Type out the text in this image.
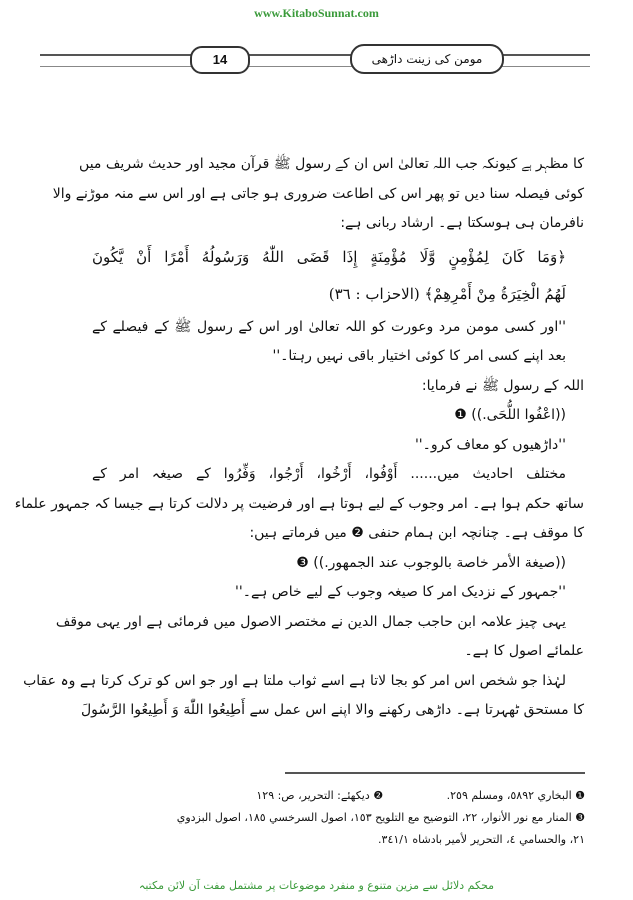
www.KitaboSunnat.com
14	مومن کی زینت داڑھی
کا مظہر ہے کیونکہ جب اللہ تعالیٰ اس ان کے رسول ﷺ قرآن مجید اور حدیث شریف میں
کوئی فیصلہ سنا دیں تو پھر اس کی اطاعت ضروری ہو جاتی ہے اور اس سے منہ موڑنے والا
نافرمان ہی ہوسکتا ہے۔ ارشاد ربانی ہے:
﴿وَمَا كَانَ لِمُؤْمِنٍ وَّلَا مُؤْمِنَةٍ إِذَا قَضَى اللّٰهُ وَرَسُولُهُ أَمْرًا أَنْ يَّكُونَ
لَهُمُ الْخِيَرَةُ مِنْ أَمْرِهِمْ﴾ (الاحزاب : ٣٦)
''اور کسی مومن مرد وعورت کو اللہ تعالیٰ اور اس کے رسول ﷺ کے فیصلے کے
بعد اپنے کسی امر کا کوئی اختیار باقی نہیں رہتا۔''
اللہ کے رسول ﷺ نے فرمایا:
((اعْفُوا اللُّحَى.)) ❶
''داڑھیوں کو معاف کرو۔''
مختلف احادیث میں...... أَوْفُوا، أَرْخُوا، أَرْجُوا، وَفِّرُوا کے صیغہ امر کے
ساتھ حکم ہوا ہے۔ امر وجوب کے لیے ہوتا ہے اور فرضیت پر دلالت کرتا ہے جیسا کہ جمہور علماء
کا موقف ہے۔ چنانچہ ابن ہمام حنفی ❷ میں فرماتے ہیں:
((صيغة الأمر خاصة بالوجوب عند الجمهور.)) ❸
''جمہور کے نزدیک امر کا صیغہ وجوب کے لیے خاص ہے۔''
یہی چیز علامہ ابن حاجب جمال الدین نے مختصر الاصول میں فرمائی ہے اور یہی موقف
علمائے اصول کا ہے۔
لہٰذا جو شخص اس امر کو بجا لاتا ہے اسے ثواب ملتا ہے اور جو اس کو ترک کرتا ہے وہ عقاب
کا مستحق ٹھہرتا ہے۔ داڑھی رکھنے والا اپنے اس عمل سے أَطِيعُوا اللّٰهَ وَ أَطِيعُوا الرَّسُولَ
❶ البخاري ٥٨٩٢، ومسلم ٢٥٩. ❷ دیکھئے: التحرير، ص: ١٢٩
❸ المنار مع نور الأنوار، ٢٢، التوضيح مع التلويح ١٥٣، اصول السرخسي ١٨٥، اصول البزدوي
٢١، والحسامي ٤، التحرير لأمير بادشاه ٣٤١/١.
محکم دلائل سے مزین متنوع و منفرد موضوعات پر مشتمل مفت آن لائن مکتبہ
